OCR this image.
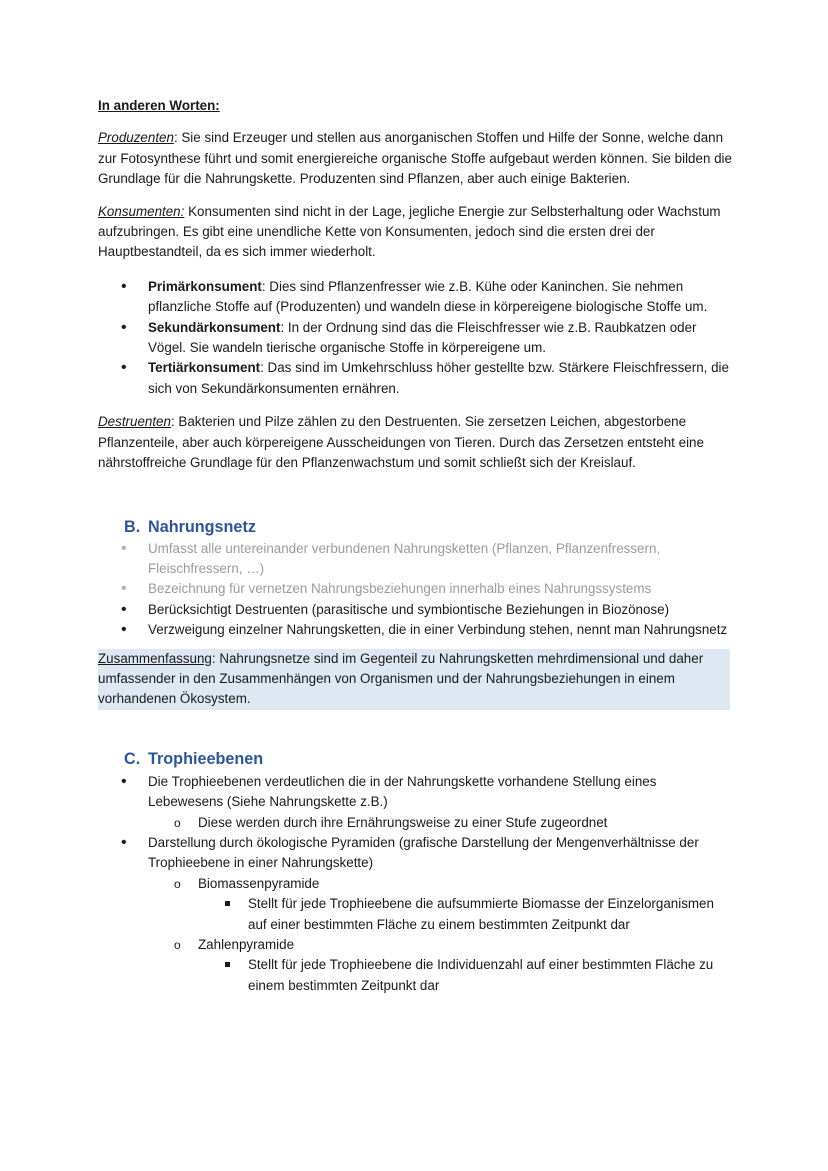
In anderen Worten:

Produzenten: Sie sind Erzeuger und stellen aus anorganischen Stoffen und Hilfe der Sonne, welche dann zur Fotosynthese führt und somit energiereiche organische Stoffe aufgebaut werden können. Sie bilden die Grundlage für die Nahrungskette. Produzenten sind Pflanzen, aber auch einige Bakterien.

Konsumenten: Konsumenten sind nicht in der Lage, jegliche Energie zur Selbsterhaltung oder Wachstum aufzubringen. Es gibt eine unendliche Kette von Konsumenten, jedoch sind die ersten drei der Hauptbestandteil, da es sich immer wiederholt.

• Primärkonsument: Dies sind Pflanzenfresser wie z.B. Kühe oder Kaninchen. Sie nehmen pflanzliche Stoffe auf (Produzenten) und wandeln diese in körpereigene biologische Stoffe um.
• Sekundärkonsument: In der Ordnung sind das die Fleischfresser wie z.B. Raubkatzen oder Vögel. Sie wandeln tierische organische Stoffe in körpereigene um.
• Tertiärkonsument: Das sind im Umkehrschluss höher gestellte bzw. Stärkere Fleischfressern, die sich von Sekundärkonsumenten ernähren.

Destruenten: Bakterien und Pilze zählen zu den Destruenten. Sie zersetzen Leichen, abgestorbene Pflanzenteile, aber auch körpereigene Ausscheidungen von Tieren. Durch das Zersetzen entsteht eine nährstoffreiche Grundlage für den Pflanzenwachstum und somit schließt sich der Kreislauf.

B. Nahrungsnetz
• Umfasst alle untereinander verbundenen Nahrungsketten (Pflanzen, Pflanzenfressern, Fleischfressern, …)
• Bezeichnung für vernetzen Nahrungsbeziehungen innerhalb eines Nahrungssystems
• Berücksichtigt Destruenten (parasitische und symbiontische Beziehungen in Biozönose)
• Verzweigung einzelner Nahrungsketten, die in einer Verbindung stehen, nennt man Nahrungsnetz

Zusammenfassung: Nahrungsnetze sind im Gegenteil zu Nahrungsketten mehrdimensional und daher umfassender in den Zusammenhängen von Organismen und der Nahrungsbeziehungen in einem vorhandenen Ökosystem.

C. Trophieebenen
• Die Trophieebenen verdeutlichen die in der Nahrungskette vorhandene Stellung eines Lebewesens (Siehe Nahrungskette z.B.)
o Diese werden durch ihre Ernährungsweise zu einer Stufe zugeordnet
• Darstellung durch ökologische Pyramiden (grafische Darstellung der Mengenverhältnisse der Trophieebene in einer Nahrungskette)
o Biomassenpyramide
Stellt für jede Trophieebene die aufsummierte Biomasse der Einzelorganismen auf einer bestimmten Fläche zu einem bestimmten Zeitpunkt dar
o Zahlenpyramide
Stellt für jede Trophieebene die Individuenzahl auf einer bestimmten Fläche zu einem bestimmten Zeitpunkt dar
